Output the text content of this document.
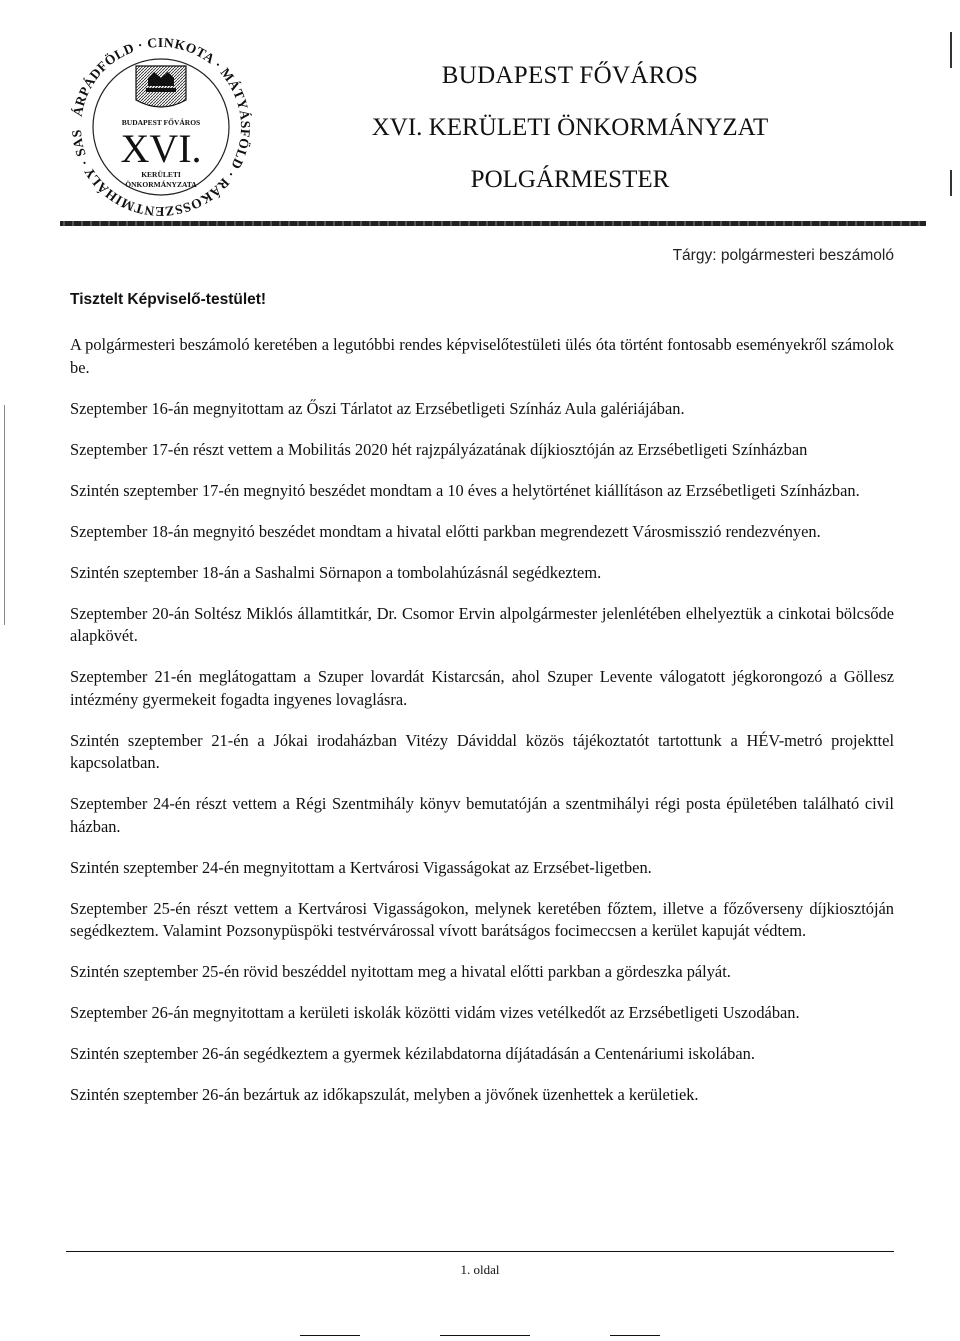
ÁRPÁDFÖLD · CINKOTA · MÁTYÁSFÖLD · RÁKOSSZENTMIHÁLY · SAS
BUDAPEST FŐVÁROS
XVI.
KERÜLETI
ÖNKORMÁNYZATA
BUDAPEST FŐVÁROS
XVI. KERÜLETI ÖNKORMÁNYZAT
POLGÁRMESTER
Tárgy: polgármesteri beszámoló
Tisztelt Képviselő-testület!

A polgármesteri beszámoló keretében a legutóbbi rendes képviselőtestületi ülés óta történt fontosabb eseményekről számolok be.

Szeptember 16-án megnyitottam az Őszi Tárlatot az Erzsébetligeti Színház Aula galériájában.

Szeptember 17-én részt vettem a Mobilitás 2020 hét rajzpályázatának díjkiosztóján az Erzsébetligeti Színházban

Szintén szeptember 17-én megnyitó beszédet mondtam a 10 éves a helytörténet kiállításon az Erzsébetligeti Színházban.

Szeptember 18-án megnyitó beszédet mondtam a hivatal előtti parkban megrendezett Városmisszió rendezvényen.

Szintén szeptember 18-án a Sashalmi Sörnapon a tombolahúzásnál segédkeztem.

Szeptember 20-án Soltész Miklós államtitkár, Dr. Csomor Ervin alpolgármester jelenlétében elhelyeztük a cinkotai bölcsőde alapkövét.

Szeptember 21-én meglátogattam a Szuper lovardát Kistarcsán, ahol Szuper Levente válogatott jégkorongozó a Göllesz intézmény gyermekeit fogadta ingyenes lovaglásra.

Szintén szeptember 21-én a Jókai irodaházban Vitézy Dáviddal közös tájékoztatót tartottunk a HÉV-metró projekttel kapcsolatban.

Szeptember 24-én részt vettem a Régi Szentmihály könyv bemutatóján a szentmihályi régi posta épületében található civil házban.

Szintén szeptember 24-én megnyitottam a Kertvárosi Vigasságokat az Erzsébet-ligetben.

Szeptember 25-én részt vettem a Kertvárosi Vigasságokon, melynek keretében főztem, illetve a főzőverseny díjkiosztóján segédkeztem. Valamint Pozsonypüspöki testvérvárossal vívott barátságos focimeccsen a kerület kapuját védtem.

Szintén szeptember 25-én rövid beszéddel nyitottam meg a hivatal előtti parkban a gördeszka pályát.

Szeptember 26-án megnyitottam a kerületi iskolák közötti vidám vizes vetélkedőt az Erzsébetligeti Uszodában.

Szintén szeptember 26-án segédkeztem a gyermek kézilabdatorna díjátadásán a Centenáriumi iskolában.

Szintén szeptember 26-án bezártuk az időkapszulát, melyben a jövőnek üzenhettek a kerületiek.

1. oldal
